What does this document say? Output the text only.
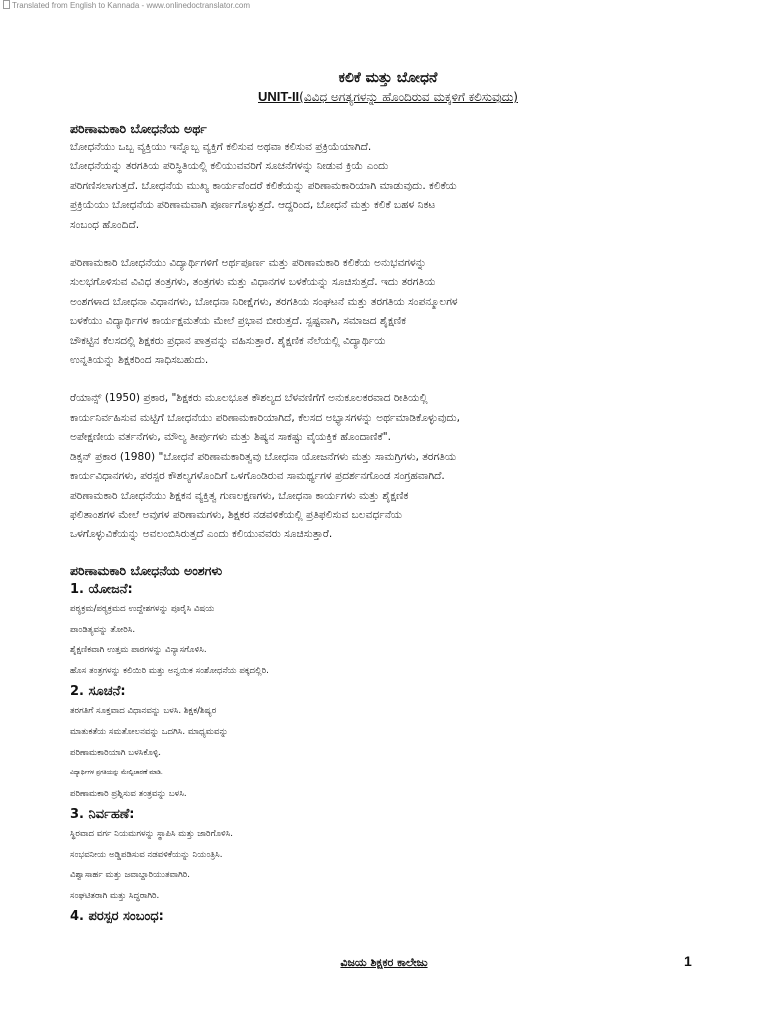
Translated from English to Kannada - www.onlinedoctranslator.com
ಕಲಿಕೆ ಮತ್ತು ಬೋಧನೆ
UNIT-II(ವಿವಿಧ ಅಗತ್ಯಗಳನ್ನು ಹೊಂದಿರುವ ಮಕ್ಕಳಿಗೆ ಕಲಿಸುವುದು)
ಪರಿಣಾಮಕಾರಿ ಬೋಧನೆಯ ಅರ್ಥ

ಬೋಧನೆಯು ಒಬ್ಬ ವ್ಯಕ್ತಿಯು ಇನ್ನೊಬ್ಬ ವ್ಯಕ್ತಿಗೆ ಕಲಿಸುವ ಅಥವಾ ಕಲಿಸುವ ಪ್ರಕ್ರಿಯೆಯಾಗಿದೆ.

ಬೋಧನೆಯನ್ನು ತರಗತಿಯ ಪರಿಸ್ಥಿತಿಯಲ್ಲಿ ಕಲಿಯುವವರಿಗೆ ಸೂಚನೆಗಳನ್ನು ನೀಡುವ ಕ್ರಿಯೆ ಎಂದು

ಪರಿಗಣಿಸಲಾಗುತ್ತದೆ. ಬೋಧನೆಯ ಮುಖ್ಯ ಕಾರ್ಯವೆಂದರೆ ಕಲಿಕೆಯನ್ನು ಪರಿಣಾಮಕಾರಿಯಾಗಿ ಮಾಡುವುದು. ಕಲಿಕೆಯ

ಪ್ರಕ್ರಿಯೆಯು ಬೋಧನೆಯ ಪರಿಣಾಮವಾಗಿ ಪೂರ್ಣಗೊಳ್ಳುತ್ತದೆ. ಆದ್ದರಿಂದ, ಬೋಧನೆ ಮತ್ತು ಕಲಿಕೆ ಬಹಳ ನಿಕಟ

ಸಂಬಂಧ ಹೊಂದಿದೆ.

ಪರಿಣಾಮಕಾರಿ ಬೋಧನೆಯು ವಿದ್ಯಾರ್ಥಿಗಳಿಗೆ ಅರ್ಥಪೂರ್ಣ ಮತ್ತು ಪರಿಣಾಮಕಾರಿ ಕಲಿಕೆಯ ಅನುಭವಗಳನ್ನು

ಸುಲಭಗೊಳಿಸುವ ವಿವಿಧ ತಂತ್ರಗಳು, ತಂತ್ರಗಳು ಮತ್ತು ವಿಧಾನಗಳ ಬಳಕೆಯನ್ನು ಸೂಚಿಸುತ್ತದೆ. ಇದು ತರಗತಿಯ

ಅಂಶಗಳಾದ ಬೋಧನಾ ವಿಧಾನಗಳು, ಬೋಧನಾ ನಿರೀಕ್ಷೆಗಳು, ತರಗತಿಯ ಸಂಘಟನೆ ಮತ್ತು ತರಗತಿಯ ಸಂಪನ್ಮೂಲಗಳ

ಬಳಕೆಯು ವಿದ್ಯಾರ್ಥಿಗಳ ಕಾರ್ಯಕ್ಷಮತೆಯ ಮೇಲೆ ಪ್ರಭಾವ ಬೀರುತ್ತದೆ. ಸ್ಪಷ್ಟವಾಗಿ, ಸಮಾಜದ ಶೈಕ್ಷಣಿಕ

ಚೌಕಟ್ಟಿನ ಕೆಲಸದಲ್ಲಿ ಶಿಕ್ಷಕರು ಪ್ರಧಾನ ಪಾತ್ರವನ್ನು ವಹಿಸುತ್ತಾರೆ. ಶೈಕ್ಷಣಿಕ ನೆಲೆಯಲ್ಲಿ ವಿದ್ಯಾರ್ಥಿಯ

ಉನ್ನತಿಯನ್ನು ಶಿಕ್ಷಕರಿಂದ ಸಾಧಿಸಬಹುದು.

ರೆಯಾನ್ಸ್ (1950) ಪ್ರಕಾರ, "ಶಿಕ್ಷಕರು ಮೂಲಭೂತ ಕೌಶಲ್ಯದ ಬೆಳವಣಿಗೆಗೆ ಅನುಕೂಲಕರವಾದ ರೀತಿಯಲ್ಲಿ

ಕಾರ್ಯನಿರ್ವಹಿಸುವ ಮಟ್ಟಿಗೆ ಬೋಧನೆಯು ಪರಿಣಾಮಕಾರಿಯಾಗಿದೆ, ಕೆಲಸದ ಅಭ್ಯಾಸಗಳನ್ನು ಅರ್ಥಮಾಡಿಕೊಳ್ಳುವುದು,

ಅಪೇಕ್ಷಣೀಯ ವರ್ತನೆಗಳು, ಮೌಲ್ಯ ತೀರ್ಪುಗಳು ಮತ್ತು ಶಿಷ್ಯನ ಸಾಕಷ್ಟು ವೈಯಕ್ತಿಕ ಹೊಂದಾಣಿಕೆ".

ಡಿಕ್ಸನ್ ಪ್ರಕಾರ (1980) "ಬೋಧನೆ ಪರಿಣಾಮಕಾರಿತ್ವವು ಬೋಧನಾ ಯೋಜನೆಗಳು ಮತ್ತು ಸಾಮಗ್ರಿಗಳು, ತರಗತಿಯ

ಕಾರ್ಯವಿಧಾನಗಳು, ಪರಸ್ಪರ ಕೌಶಲ್ಯಗಳೊಂದಿಗೆ ಒಳಗೊಂಡಿರುವ ಸಾಮರ್ಥ್ಯಗಳ ಪ್ರದರ್ಶನಗೊಂಡ ಸಂಗ್ರಹವಾಗಿದೆ.

ಪರಿಣಾಮಕಾರಿ ಬೋಧನೆಯು ಶಿಕ್ಷಕನ ವ್ಯಕ್ತಿತ್ವ ಗುಣಲಕ್ಷಣಗಳು, ಬೋಧನಾ ಕಾರ್ಯಗಳು ಮತ್ತು ಶೈಕ್ಷಣಿಕ

ಫಲಿತಾಂಶಗಳ ಮೇಲೆ ಅವುಗಳ ಪರಿಣಾಮಗಳು, ಶಿಕ್ಷಕರ ನಡವಳಿಕೆಯಲ್ಲಿ ಪ್ರತಿಫಲಿಸುವ ಬಲವರ್ಧನೆಯ

ಒಳಗೊಳ್ಳುವಿಕೆಯನ್ನು ಅವಲಂಬಿಸಿರುತ್ತದೆ ಎಂದು ಕಲಿಯುವವರು ಸೂಚಿಸುತ್ತಾರೆ.

ಪರಿಣಾಮಕಾರಿ ಬೋಧನೆಯ ಅಂಶಗಳು
1. ಯೋಜನೆ:

ಪಠ್ಯಕ್ರಮ/ಪಠ್ಯಕ್ರಮದ ಉದ್ದೇಶಗಳನ್ನು ಪೂರೈಸಿ ವಿಷಯ

ಪಾಂಡಿತ್ಯವನ್ನು ತೋರಿಸಿ.

ಶೈಕ್ಷಣಿಕವಾಗಿ ಉತ್ತಮ ಪಾಠಗಳನ್ನು ವಿನ್ಯಾಸಗೊಳಿಸಿ.

ಹೊಸ ತಂತ್ರಗಳನ್ನು ಕಲಿಯಿರಿ ಮತ್ತು ಅನ್ವಯಿಕ ಸಂಶೋಧನೆಯ ಪಕ್ಕದಲ್ಲಿರಿ.

2. ಸೂಚನೆ:

ತರಗತಿಗೆ ಸೂಕ್ತವಾದ ವಿಧಾನವನ್ನು ಬಳಸಿ. ಶಿಕ್ಷಕ/ಶಿಷ್ಯರ

ಮಾತುಕತೆಯ ಸಮತೋಲನವನ್ನು ಒದಗಿಸಿ. ಮಾಧ್ಯಮವನ್ನು

ಪರಿಣಾಮಕಾರಿಯಾಗಿ ಬಳಸಿಕೊಳ್ಳಿ.

ವಿದ್ಯಾರ್ಥಿಗಳ ಪ್ರಗತಿಯನ್ನು ಮೇಲ್ವಿಚಾರಣೆ ಮಾಡಿ.

ಪರಿಣಾಮಕಾರಿ ಪ್ರಶ್ನಿಸುವ ತಂತ್ರವನ್ನು ಬಳಸಿ.

3. ನಿರ್ವಹಣೆ:

ಸ್ಥಿರವಾದ ವರ್ಗ ನಿಯಮಗಳನ್ನು ಸ್ಥಾಪಿಸಿ ಮತ್ತು ಜಾರಿಗೊಳಿಸಿ.

ಸಂಭವನೀಯ ಅಡ್ಡಿಪಡಿಸುವ ನಡವಳಿಕೆಯನ್ನು ನಿಯಂತ್ರಿಸಿ.

ವಿಶ್ವಾಸಾರ್ಹ ಮತ್ತು ಜವಾಬ್ದಾರಿಯುತವಾಗಿರಿ.

ಸಂಘಟಿತರಾಗಿ ಮತ್ತು ಸಿದ್ಧರಾಗಿರಿ.

4. ಪರಸ್ಪರ ಸಂಬಂಧ:
ವಿಜಯ ಶಿಕ್ಷಕರ ಕಾಲೇಜು	1
